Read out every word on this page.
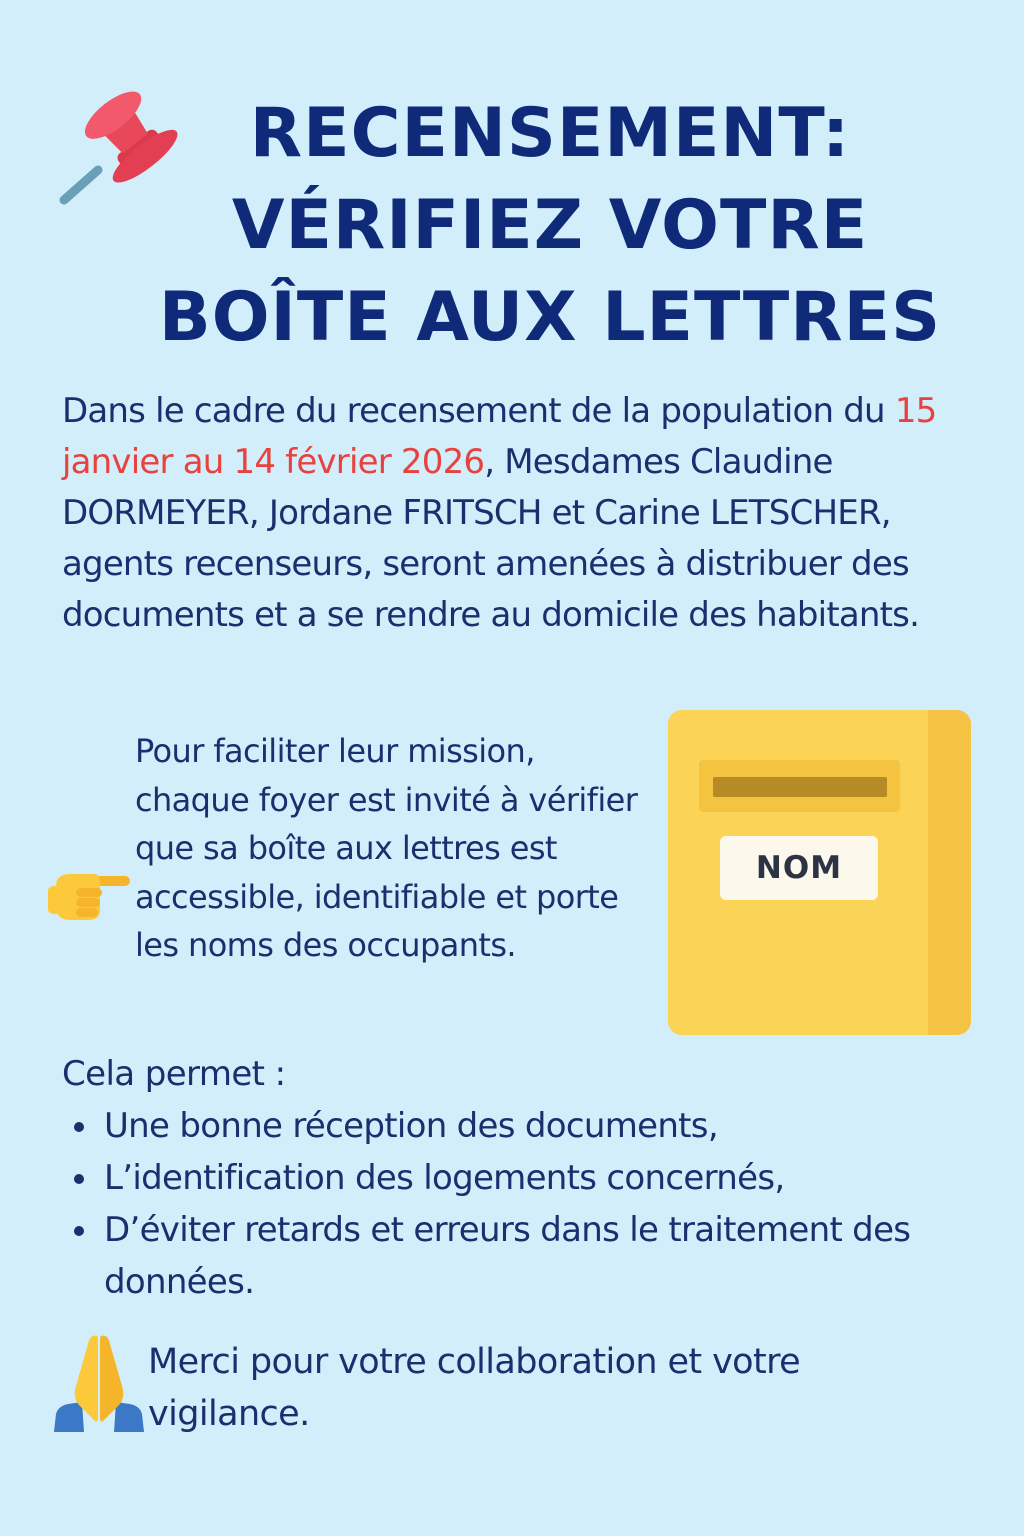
RECENSEMENT:
VÉRIFIEZ VOTRE
BOÎTE AUX LETTRES

Dans le cadre du recensement de la population du 15 janvier au 14 février 2026, Mesdames Claudine DORMEYER, Jordane FRITSCH et Carine LETSCHER, agents recenseurs, seront amenées à distribuer des documents et a se rendre au domicile des habitants.

Pour faciliter leur mission, chaque foyer est invité à vérifier que sa boîte aux lettres est accessible, identifiable et porte les noms des occupants.

NOM
Cela permet :
Une bonne réception des documents,
L’identification des logements concernés,
D’éviter retards et erreurs dans le traitement des données.

Merci pour votre collaboration et votre vigilance.
